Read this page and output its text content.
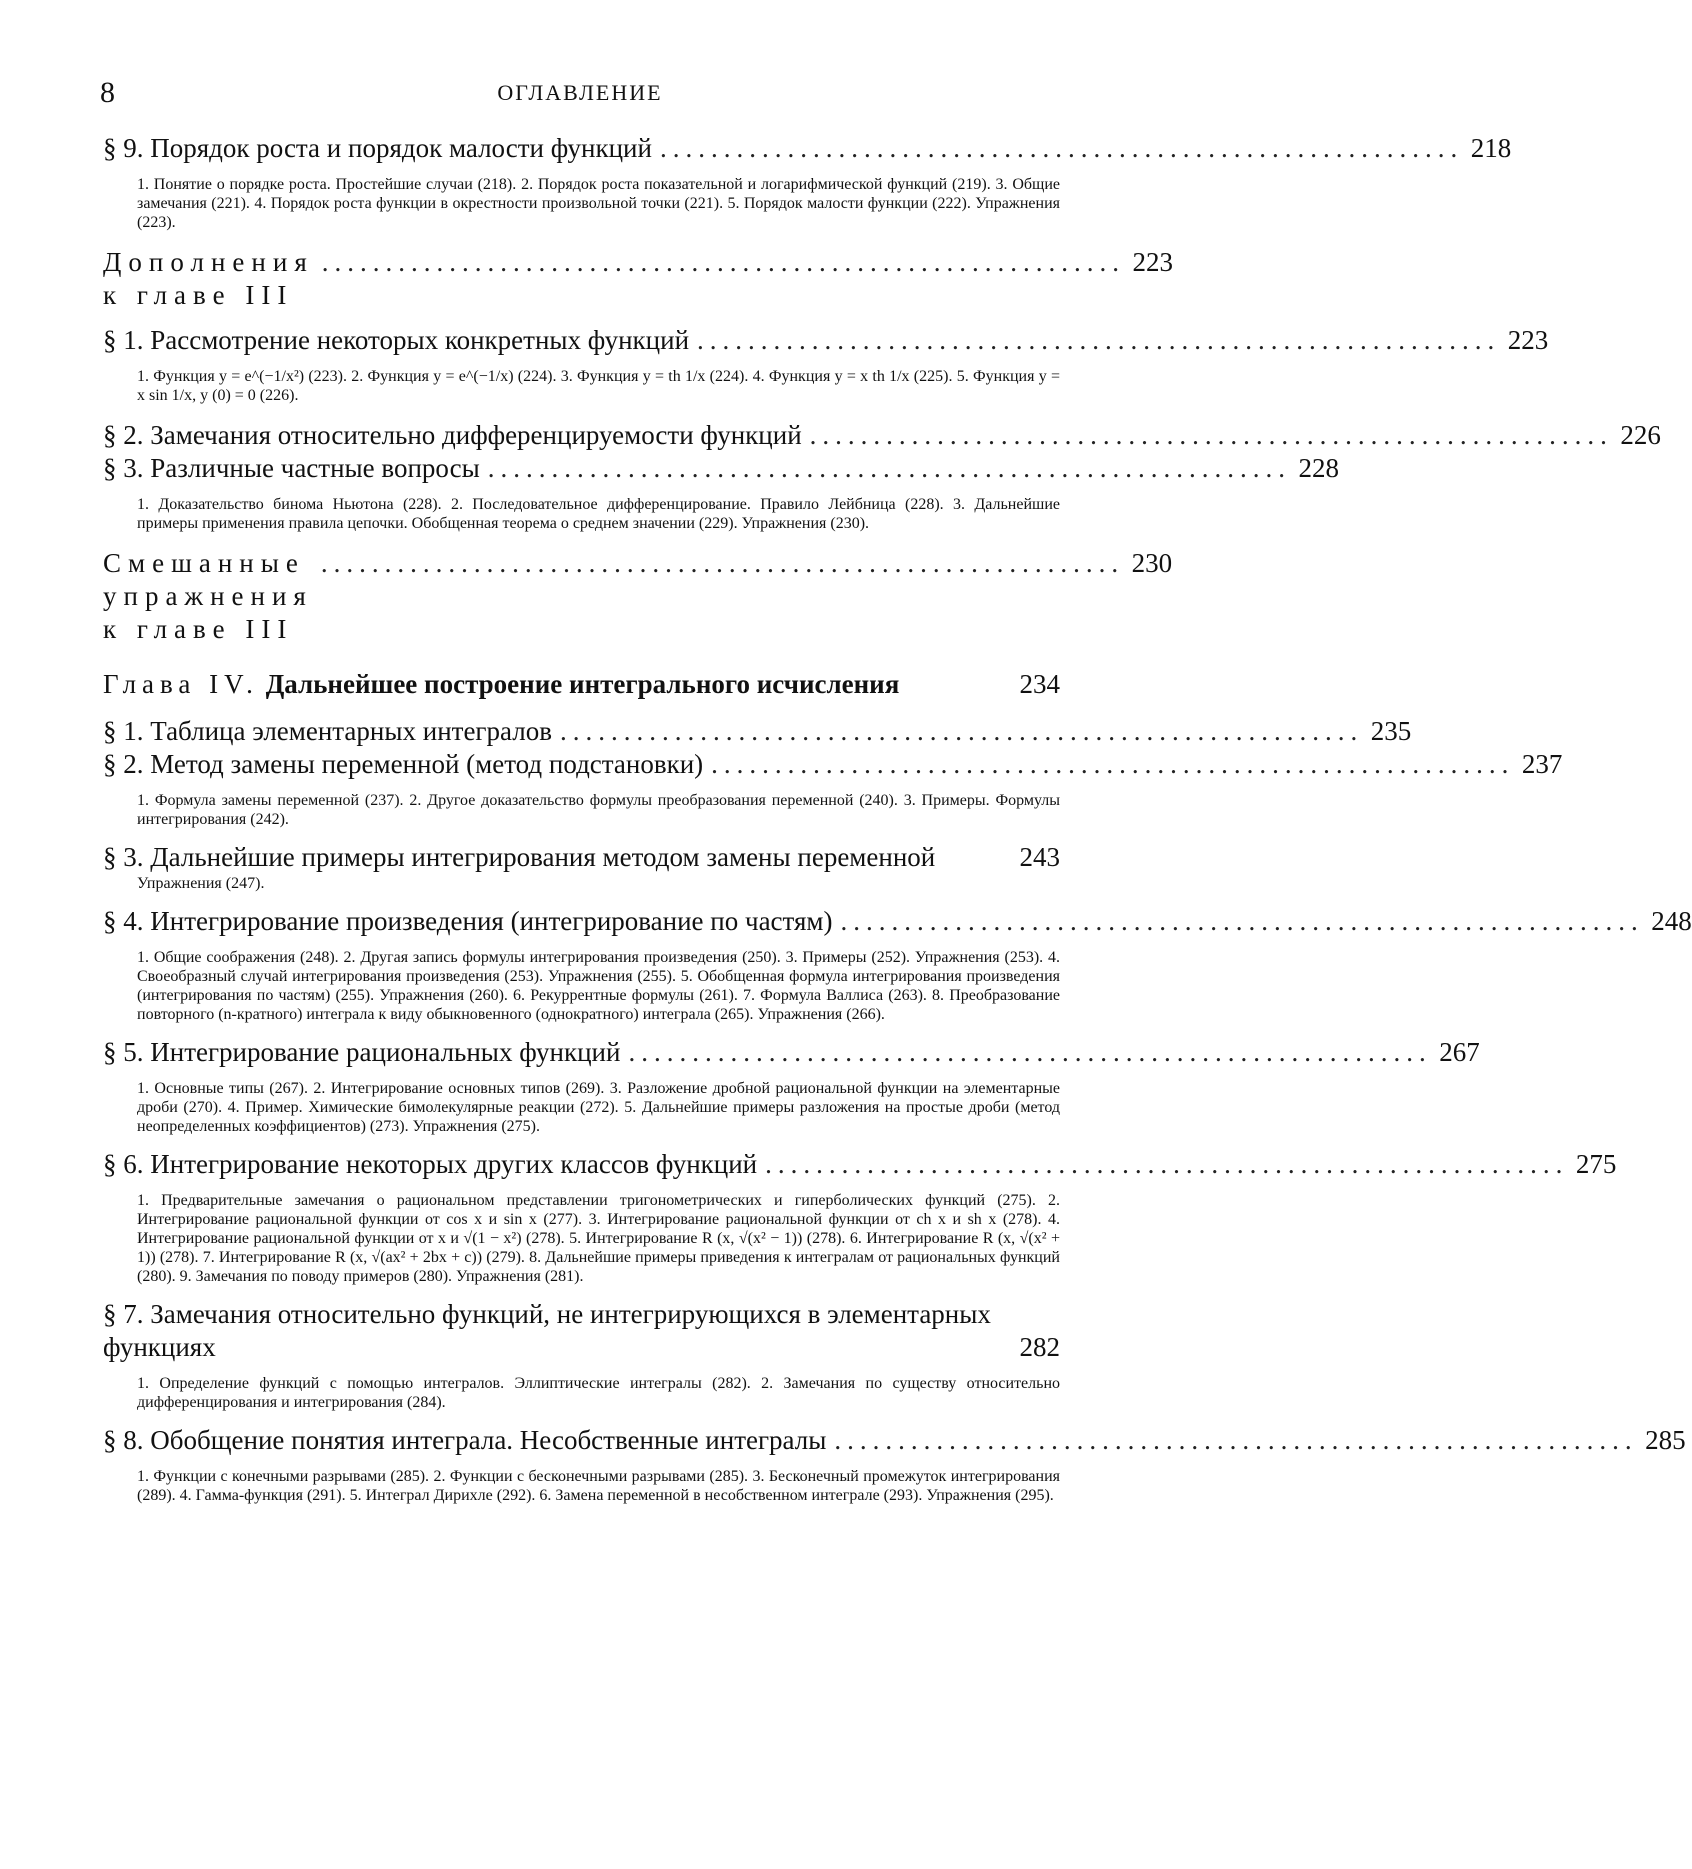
8	ОГЛАВЛЕНИЕ
§ 9.
Порядок роста и порядок малости функций ............................................................... 218
1. Понятие о порядке роста. Простейшие случаи (218). 2. Порядок роста показательной и логарифмической функций (219). 3. Общие замечания (221). 4. Порядок роста функции в окрестности произвольной точки (221). 5. Порядок малости функции (222). Упражнения (223).
Дополнения к главе III
............................................................... 223
§ 1.
Рассмотрение некоторых конкретных функций ............................................................... 223
1. Функция y = e^(−1/x²) (223). 2. Функция y = e^(−1/x) (224). 3. Функция y = th 1/x (224). 4. Функция y = x th 1/x (225). 5. Функция y = x sin 1/x, y (0) = 0 (226).
§ 2.
Замечания относительно дифференцируемости функций ............................................................... 226
§ 3.
Различные частные вопросы ............................................................... 228
1. Доказательство бинома Ньютона (228). 2. Последовательное дифференцирование. Правило Лейбница (228). 3. Дальнейшие примеры применения правила цепочки. Обобщенная теорема о среднем значении (229). Упражнения (230).
Смешанные упражнения к главе III
............................................................... 230
Глава IV.
Дальнейшее построение интегрального исчисления	234
§ 1.
Таблица элементарных интегралов ............................................................... 235
§ 2.
Метод замены переменной (метод подстановки) ............................................................... 237
1. Формула замены переменной (237). 2. Другое доказательство формулы преобразования переменной (240). 3. Примеры. Формулы интегрирования (242).
§ 3. Дальнейшие примеры интегрирования методом замены переменной	243
Упражнения (247).
§ 4.
Интегрирование произведения (интегрирование по частям) ............................................................... 248
1. Общие соображения (248). 2. Другая запись формулы интегрирования произведения (250). 3. Примеры (252). Упражнения (253). 4. Своеобразный случай интегрирования произведения (253). Упражнения (255). 5. Обобщенная формула интегрирования произведения (интегрирования по частям) (255). Упражнения (260). 6. Рекуррентные формулы (261). 7. Формула Валлиса (263). 8. Преобразование повторного (n-кратного) интеграла к виду обыкновенного (однократного) интеграла (265). Упражнения (266).
§ 5.
Интегрирование рациональных функций ............................................................... 267
1. Основные типы (267). 2. Интегрирование основных типов (269). 3. Разложение дробной рациональной функции на элементарные дроби (270). 4. Пример. Химические бимолекулярные реакции (272). 5. Дальнейшие примеры разложения на простые дроби (метод неопределенных коэффициентов) (273). Упражнения (275).
§ 6.
Интегрирование некоторых других классов функций ............................................................... 275
1. Предварительные замечания о рациональном представлении тригонометрических и гиперболических функций (275). 2. Интегрирование рациональной функции от cos x и sin x (277). 3. Интегрирование рациональной функции от ch x и sh x (278). 4. Интегрирование рациональной функции от x и √(1 − x²) (278). 5. Интегрирование R (x, √(x² − 1)) (278). 6. Интегрирование R (x, √(x² + 1)) (278). 7. Интегрирование R (x, √(ax² + 2bx + c)) (279). 8. Дальнейшие примеры приведения к интегралам от рациональных функций (280). 9. Замечания по поводу примеров (280). Упражнения (281).
§ 7. Замечания относительно функций, не интегрирующихся в элементарных функциях	282
1. Определение функций с помощью интегралов. Эллиптические интегралы (282). 2. Замечания по существу относительно дифференцирования и интегрирования (284).
§ 8.
Обобщение понятия интеграла. Несобственные интегралы ............................................................... 285
1. Функции с конечными разрывами (285). 2. Функции с бесконечными разрывами (285). 3. Бесконечный промежуток интегрирования (289). 4. Гамма-функция (291). 5. Интеграл Дирихле (292). 6. Замена переменной в несобственном интеграле (293). Упражнения (295).
